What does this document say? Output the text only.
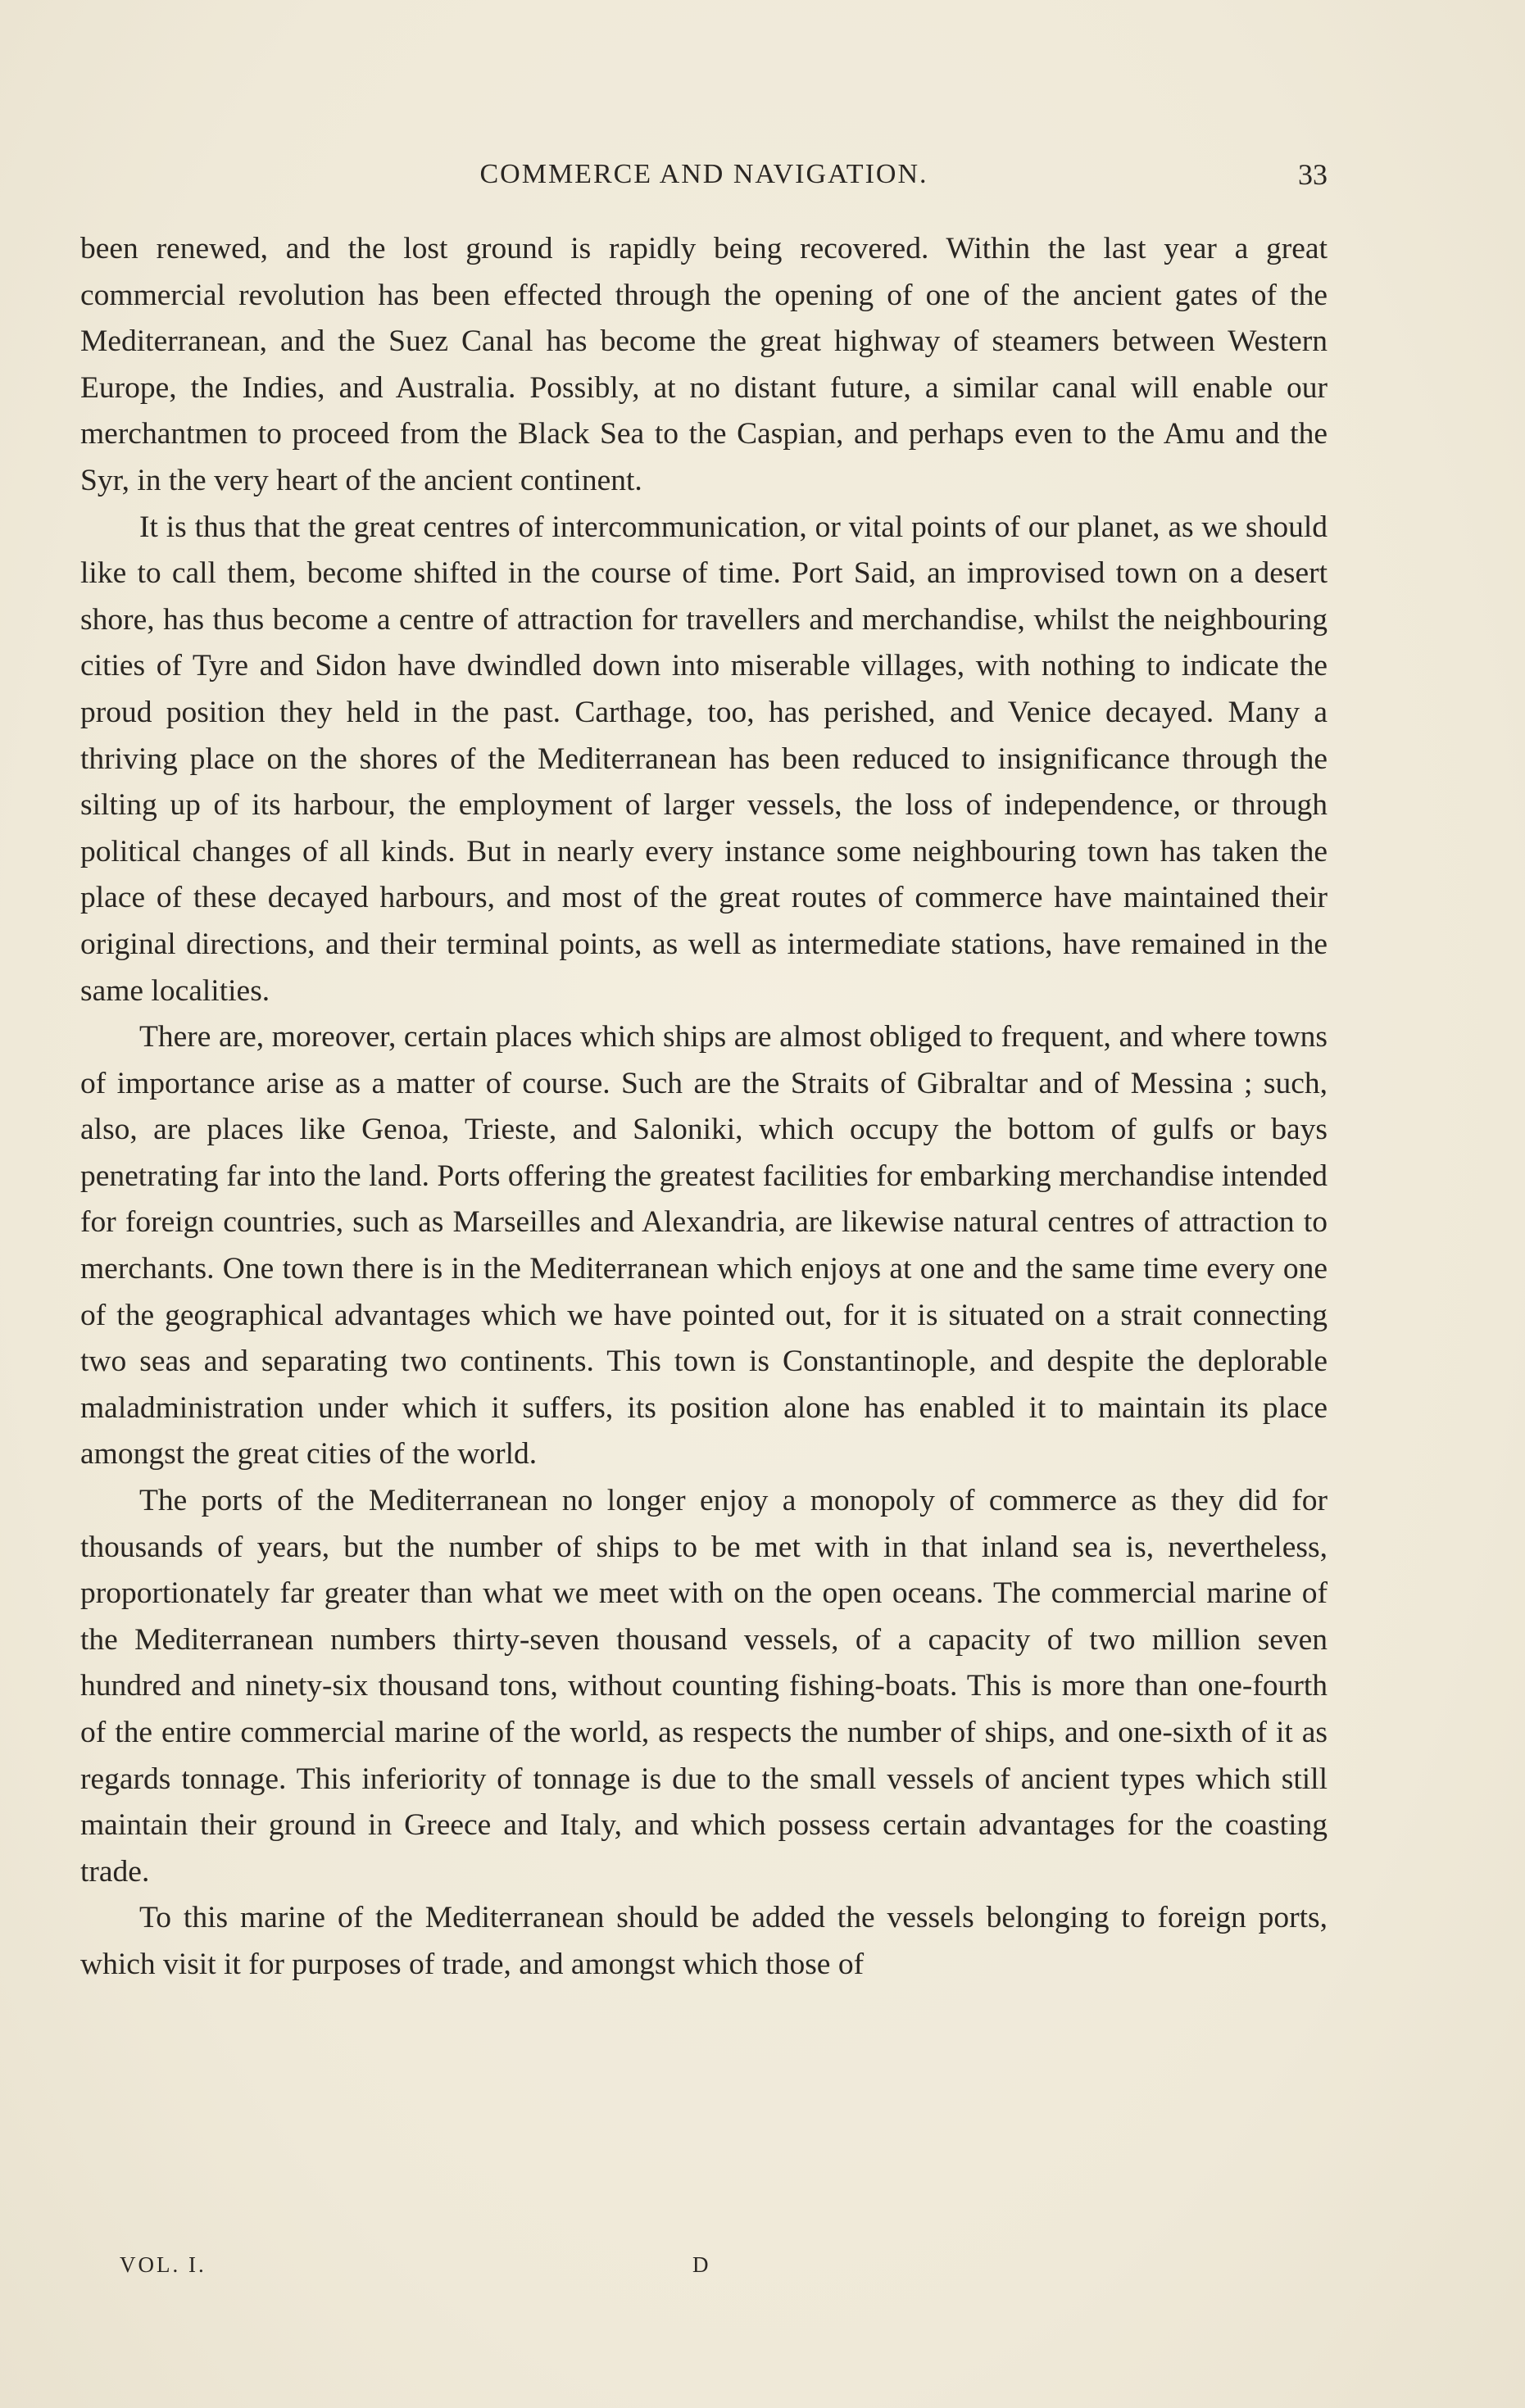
COMMERCE AND NAVIGATION.	33

been renewed, and the lost ground is rapidly being recovered. Within the last year a great commercial revolution has been effected through the opening of one of the ancient gates of the Mediterranean, and the Suez Canal has become the great highway of steamers between Western Europe, the Indies, and Australia. Possibly, at no distant future, a similar canal will enable our merchantmen to proceed from the Black Sea to the Caspian, and perhaps even to the Amu and the Syr, in the very heart of the ancient continent.

It is thus that the great centres of intercommunication, or vital points of our planet, as we should like to call them, become shifted in the course of time. Port Said, an improvised town on a desert shore, has thus become a centre of attraction for travellers and merchandise, whilst the neighbouring cities of Tyre and Sidon have dwindled down into miserable villages, with nothing to indicate the proud position they held in the past. Carthage, too, has perished, and Venice decayed. Many a thriving place on the shores of the Mediterranean has been reduced to insignificance through the silting up of its harbour, the employment of larger vessels, the loss of independence, or through political changes of all kinds. But in nearly every instance some neighbouring town has taken the place of these decayed harbours, and most of the great routes of commerce have maintained their original directions, and their terminal points, as well as intermediate stations, have remained in the same localities.

There are, moreover, certain places which ships are almost obliged to frequent, and where towns of importance arise as a matter of course. Such are the Straits of Gibraltar and of Messina ; such, also, are places like Genoa, Trieste, and Saloniki, which occupy the bottom of gulfs or bays penetrating far into the land. Ports offering the greatest facilities for embarking merchandise intended for foreign countries, such as Marseilles and Alexandria, are likewise natural centres of attraction to merchants. One town there is in the Mediterranean which enjoys at one and the same time every one of the geographical advantages which we have pointed out, for it is situated on a strait connecting two seas and separating two continents. This town is Constantinople, and despite the deplorable maladministration under which it suffers, its position alone has enabled it to maintain its place amongst the great cities of the world.

The ports of the Mediterranean no longer enjoy a monopoly of commerce as they did for thousands of years, but the number of ships to be met with in that inland sea is, nevertheless, proportionately far greater than what we meet with on the open oceans. The commercial marine of the Mediterranean numbers thirty-seven thousand vessels, of a capacity of two million seven hundred and ninety-six thousand tons, without counting fishing-boats. This is more than one-fourth of the entire commercial marine of the world, as respects the number of ships, and one-sixth of it as regards tonnage. This inferiority of tonnage is due to the small vessels of ancient types which still maintain their ground in Greece and Italy, and which possess certain advantages for the coasting trade.

To this marine of the Mediterranean should be added the vessels belonging to foreign ports, which visit it for purposes of trade, and amongst which those of

VOL. I.	D
